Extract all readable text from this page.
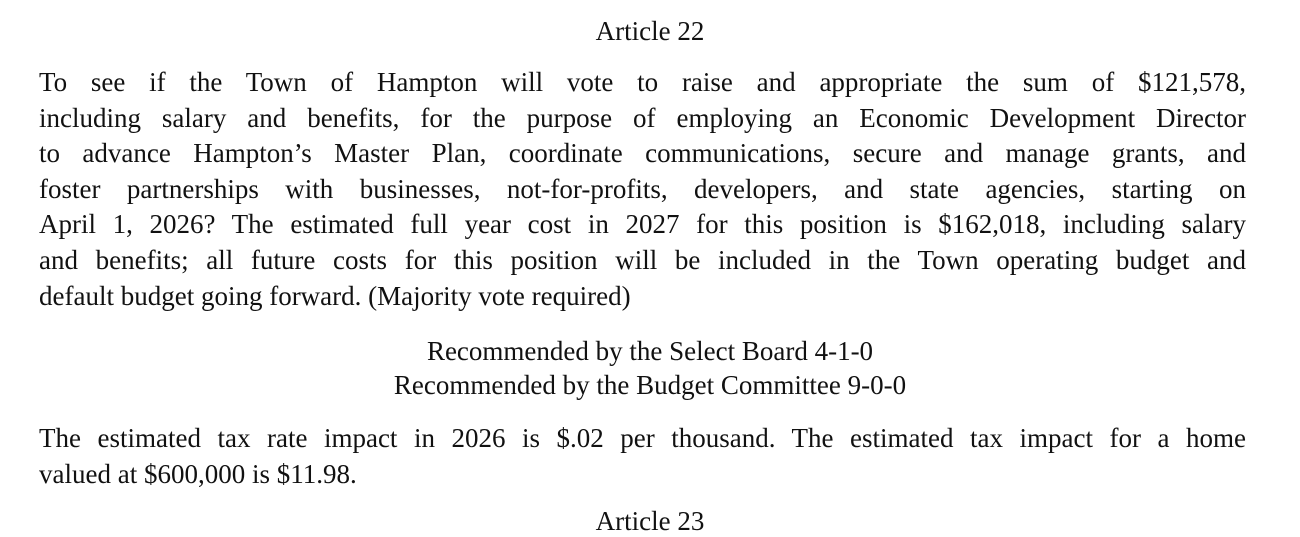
Article 22
To see if the Town of Hampton will vote to raise and appropriate the sum of $121,578,
including salary and benefits, for the purpose of employing an Economic Development Director
to advance Hampton’s Master Plan, coordinate communications, secure and manage grants, and
foster partnerships with businesses, not-for-profits, developers, and state agencies, starting on
April 1, 2026? The estimated full year cost in 2027 for this position is $162,018, including salary
and benefits; all future costs for this position will be included in the Town operating budget and
default budget going forward. (Majority vote required)
Recommended by the Select Board 4-1-0
Recommended by the Budget Committee 9-0-0
The estimated tax rate impact in 2026 is $.02 per thousand. The estimated tax impact for a home
valued at $600,000 is $11.98.
Article 23
